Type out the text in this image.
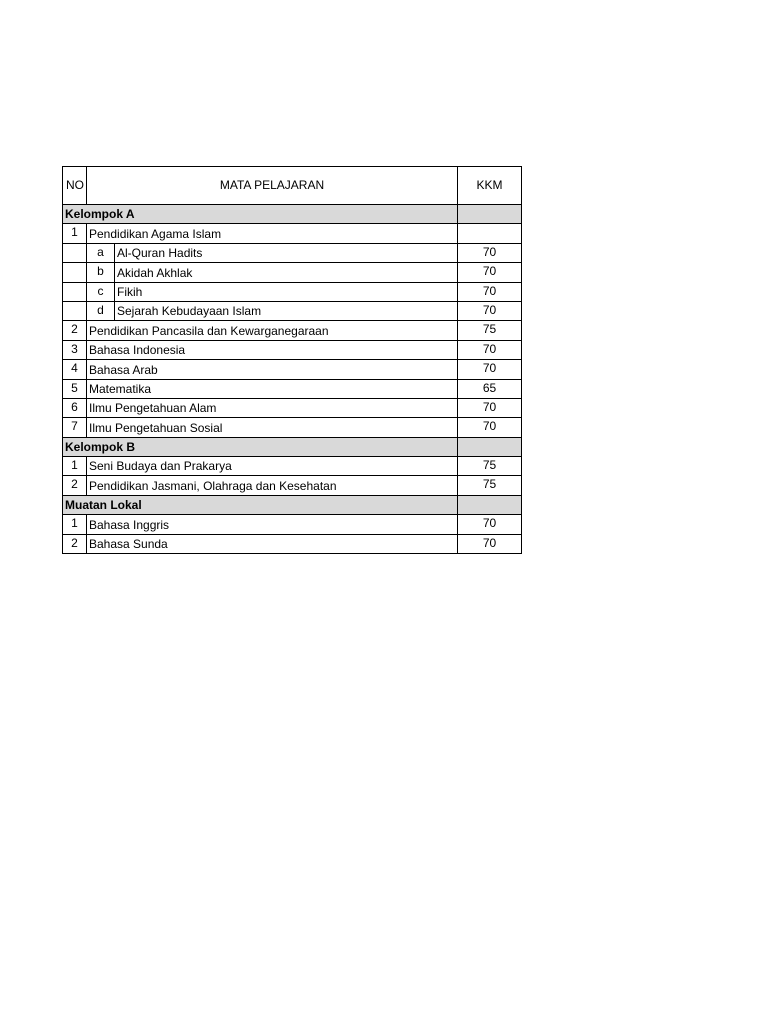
NO	MATA PELAJARAN		KKM
Kelompok A			
1	Pendidikan Agama Islam		
	a	Al-Quran Hadits	70
	b	Akidah Akhlak	70
	c	Fikih	70
	d	Sejarah Kebudayaan Islam	70
2	Pendidikan Pancasila dan Kewarganegaraan		75
3	Bahasa Indonesia		70
4	Bahasa Arab		70
5	Matematika		65
6	Ilmu Pengetahuan Alam		70
7	Ilmu Pengetahuan Sosial		70
Kelompok B			
1	Seni Budaya dan Prakarya		75
2	Pendidikan Jasmani, Olahraga dan Kesehatan		75
Muatan Lokal			
1	Bahasa Inggris		70
2	Bahasa Sunda		70
